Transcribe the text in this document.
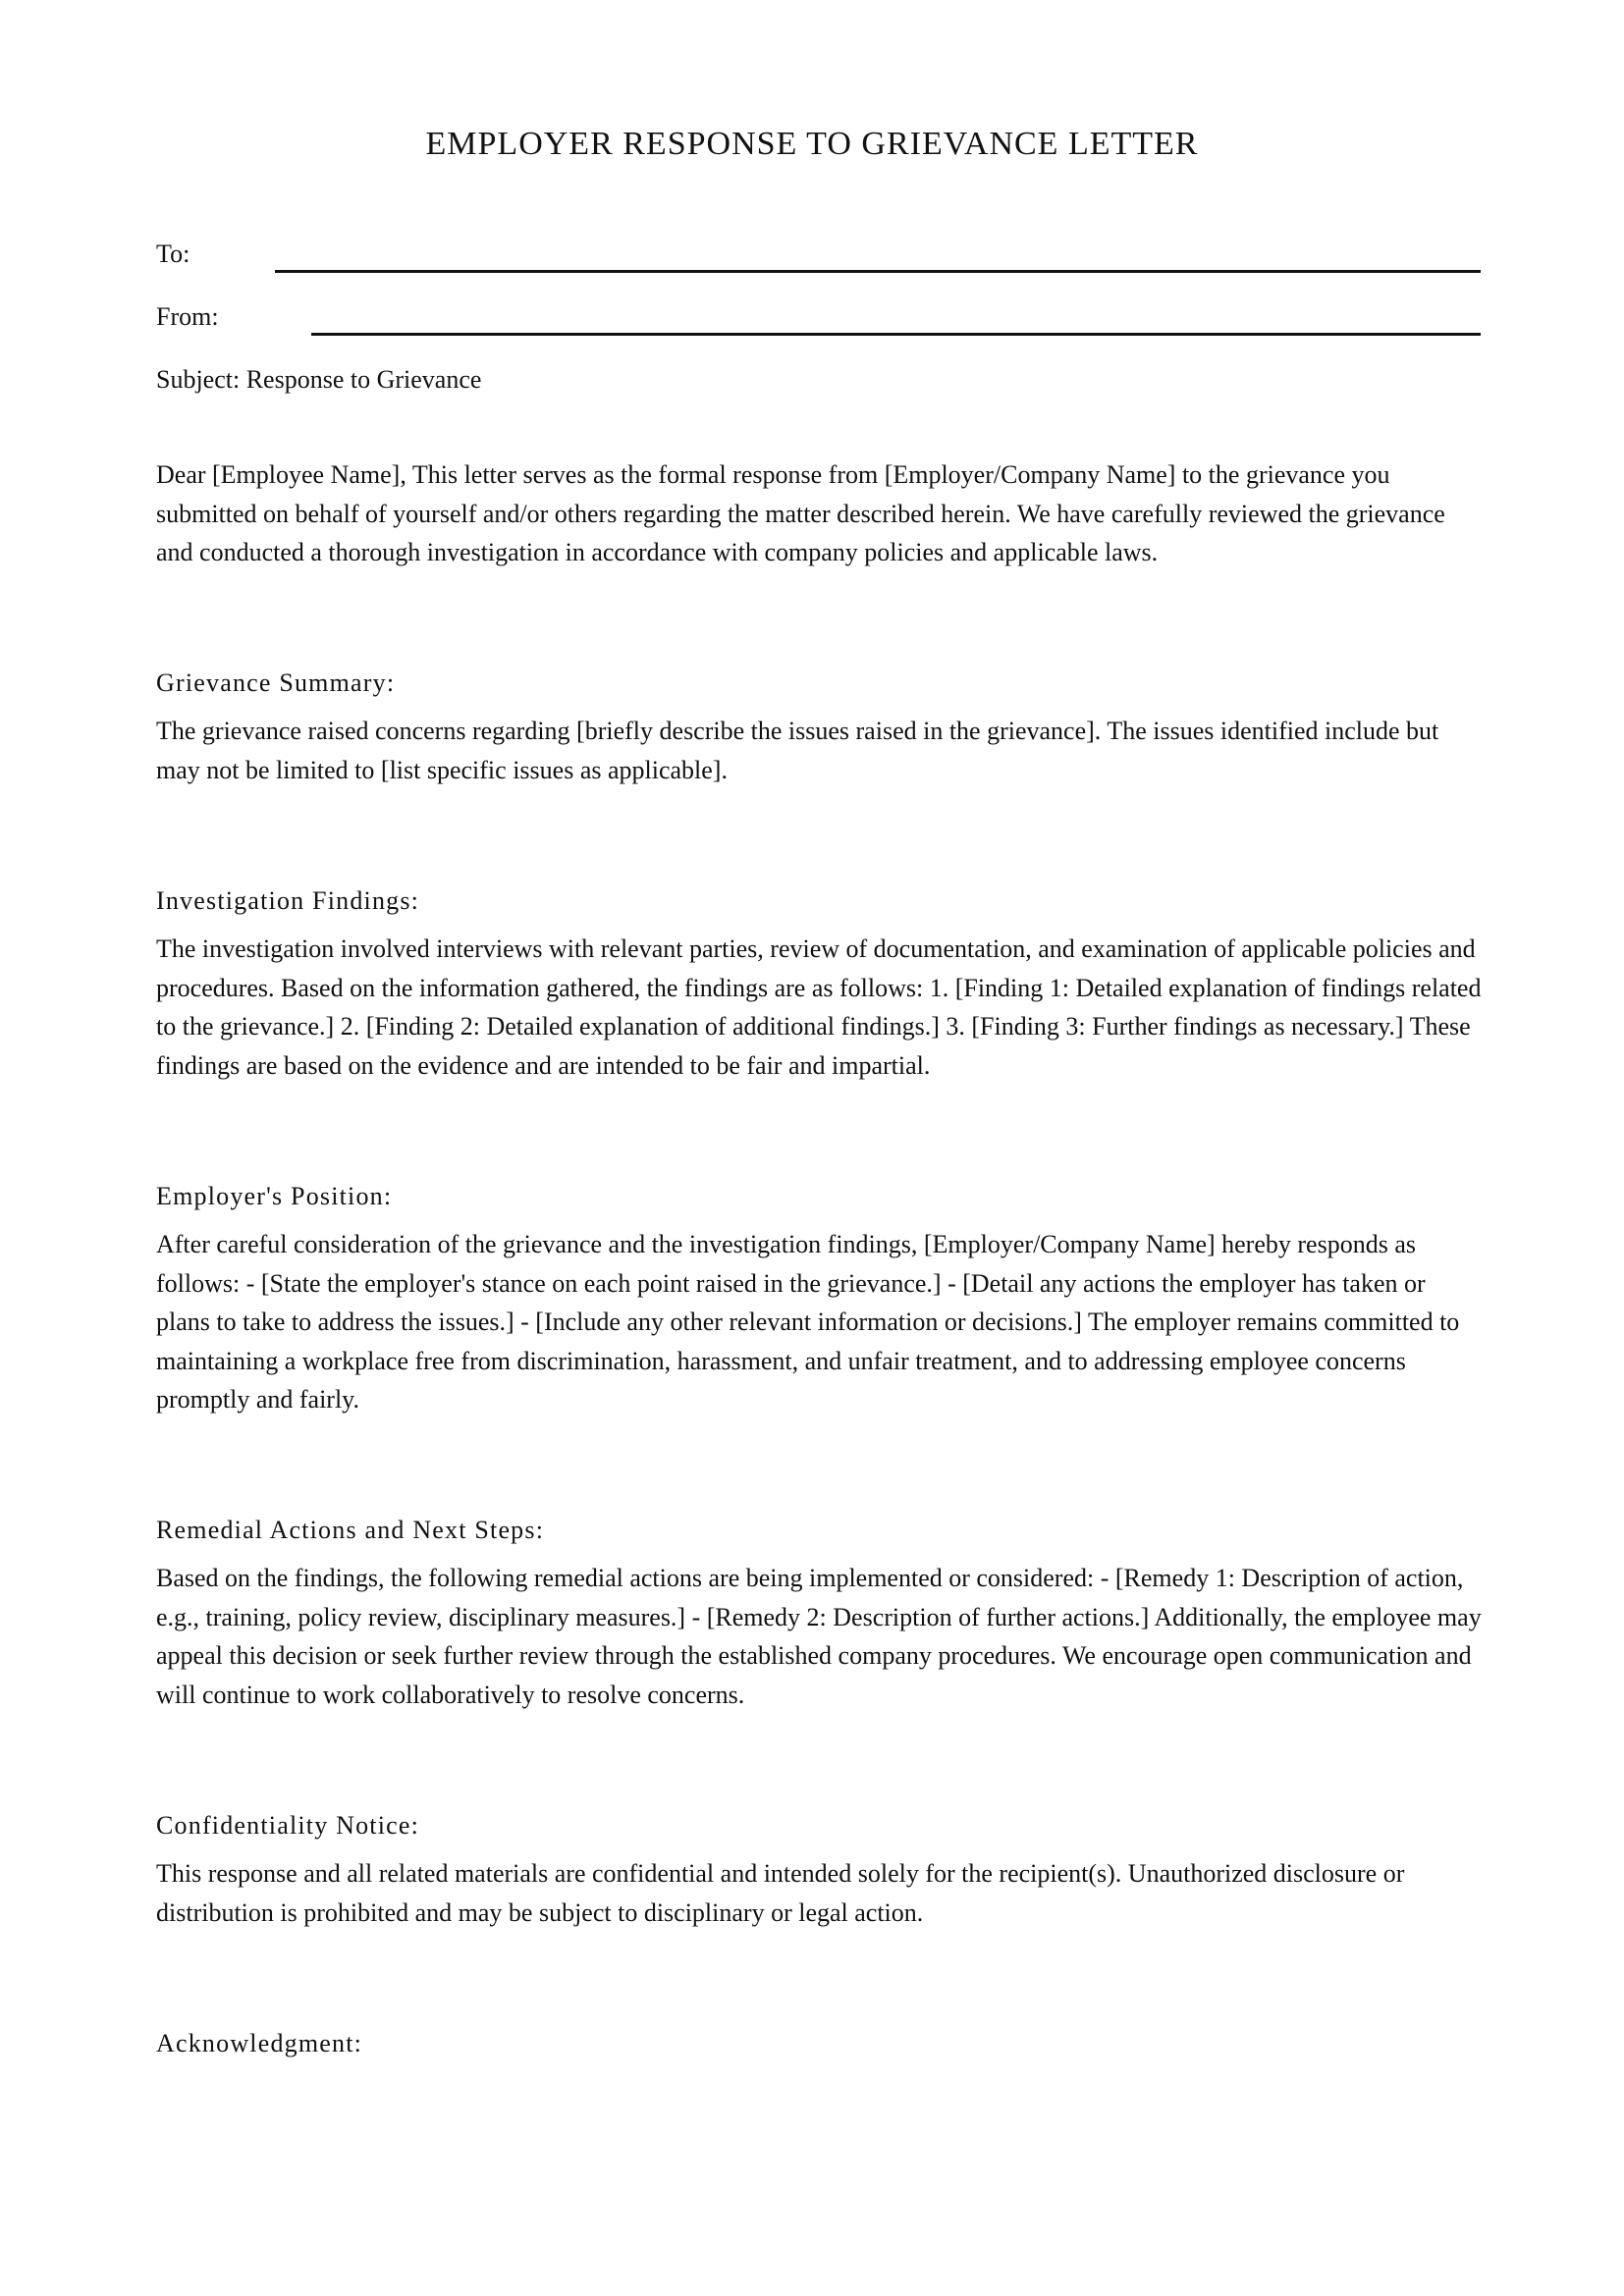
EMPLOYER RESPONSE TO GRIEVANCE LETTER
To:
From:
Subject: Response to Grievance

Dear [Employee Name], This letter serves as the formal response from [Employer/Company Name] to the grievance you submitted on behalf of yourself and/or others regarding the matter described herein. We have carefully reviewed the grievance and conducted a thorough investigation in accordance with company policies and applicable laws.

Grievance Summary:

The grievance raised concerns regarding [briefly describe the issues raised in the grievance]. The issues identified include but may not be limited to [list specific issues as applicable].

Investigation Findings:

The investigation involved interviews with relevant parties, review of documentation, and examination of applicable policies and procedures. Based on the information gathered, the findings are as follows: 1. [Finding 1: Detailed explanation of findings related to the grievance.] 2. [Finding 2: Detailed explanation of additional findings.] 3. [Finding 3: Further findings as necessary.] These findings are based on the evidence and are intended to be fair and impartial.

Employer's Position:

After careful consideration of the grievance and the investigation findings, [Employer/Company Name] hereby responds as follows: - [State the employer's stance on each point raised in the grievance.] - [Detail any actions the employer has taken or plans to take to address the issues.] - [Include any other relevant information or decisions.] The employer remains committed to maintaining a workplace free from discrimination, harassment, and unfair treatment, and to addressing employee concerns promptly and fairly.

Remedial Actions and Next Steps:

Based on the findings, the following remedial actions are being implemented or considered: - [Remedy 1: Description of action, e.g., training, policy review, disciplinary measures.] - [Remedy 2: Description of further actions.] Additionally, the employee may appeal this decision or seek further review through the established company procedures. We encourage open communication and will continue to work collaboratively to resolve concerns.

Confidentiality Notice:

This response and all related materials are confidential and intended solely for the recipient(s). Unauthorized disclosure or distribution is prohibited and may be subject to disciplinary or legal action.

Acknowledgment:
